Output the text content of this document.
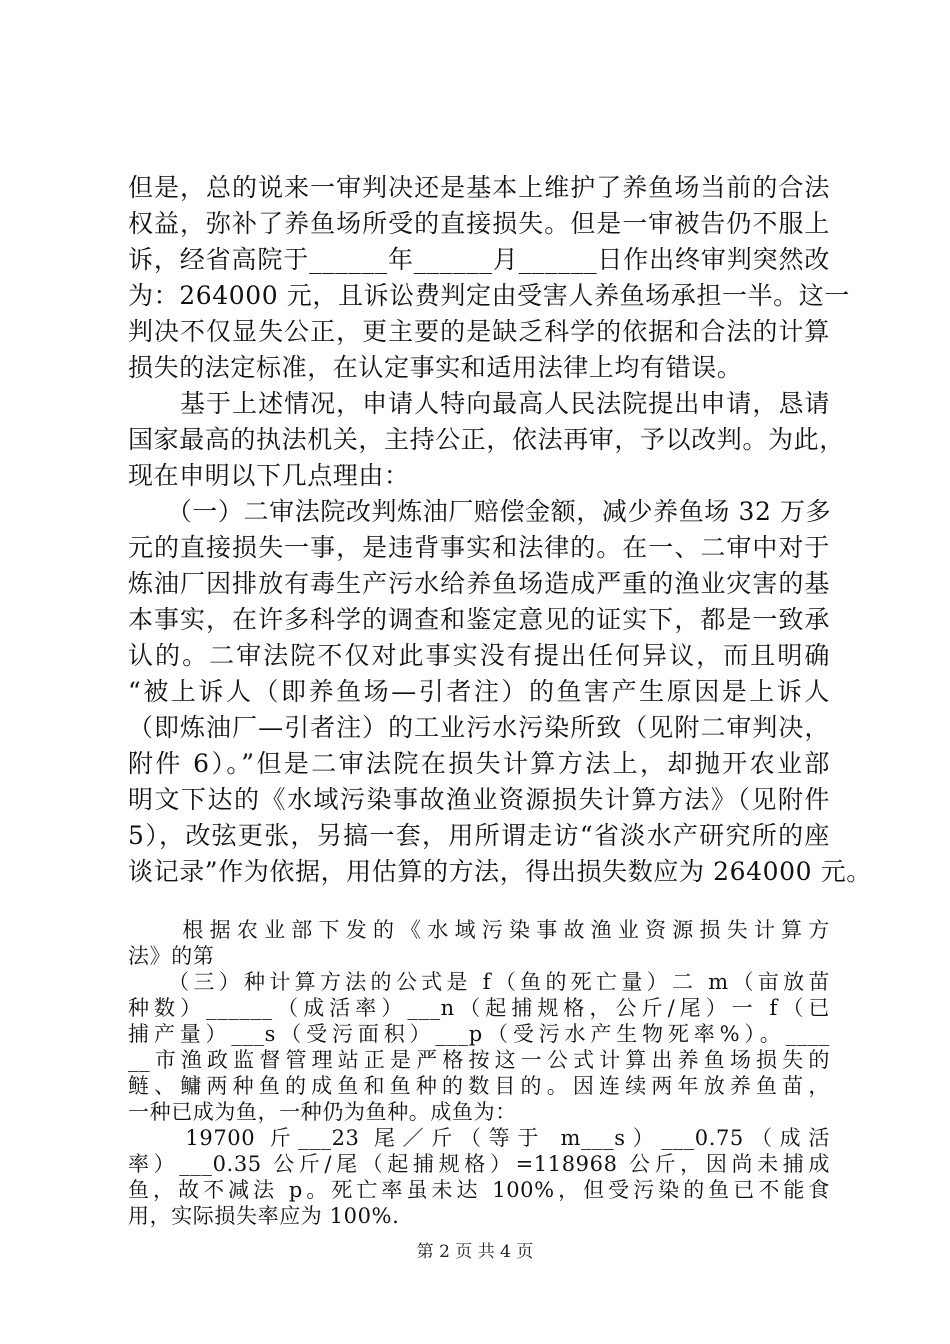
但是，总的说来一审判决还是基本上维护了养鱼场当前的合法
权益，弥补了养鱼场所受的直接损失。但是一审被告仍不服上
诉，经省高院于______年______月______日作出终审判突然改
为：264000 元，且诉讼费判定由受害人养鱼场承担一半。这一
判决不仅显失公正，更主要的是缺乏科学的依据和合法的计算
损失的法定标准，在认定事实和适用法律上均有错误。
　　基于上述情况，申请人特向最高人民法院提出申请，恳请
国家最高的执法机关，主持公正，依法再审，予以改判。为此，
现在申明以下几点理由：
　　（一）二审法院改判炼油厂赔偿金额，减少养鱼场 32 万多
元的直接损失一事，是违背事实和法律的。在一、二审中对于
炼油厂因排放有毒生产污水给养鱼场造成严重的渔业灾害的基
本事实，在许多科学的调查和鉴定意见的证实下，都是一致承
认的。二审法院不仅对此事实没有提出任何异议，而且明确
“被上诉人（即养鱼场—引者注）的鱼害产生原因是上诉人
（即炼油厂—引者注）的工业污水污染所致（见附二审判决，
附件 6）。”但是二审法院在损失计算方法上，却抛开农业部
明文下达的《水域污染事故渔业资源损失计算方法》（见附件
5），改弦更张，另搞一套，用所谓走访“省淡水产研究所的座
谈记录”作为依据，用估算的方法，得出损失数应为 264000 元。
　　根据农业部下发的《水域污染事故渔业资源损失计算方
法》的第
　　（三）种计算方法的公式是 f（鱼的死亡量）二 m（亩放苗
种数）______（成活率）___n（起捕规格，公斤/尾）一 f（已
捕产量）___s（受污面积）___p（受污水产生物死率%）。____
__市渔政监督管理站正是严格按这一公式计算出养鱼场损失的
鲢、鳙两种鱼的成鱼和鱼种的数目的。因连续两年放养鱼苗，
一种已成为鱼，一种仍为鱼种。成鱼为：
第 2 页 共 4 页
　　19700 斤___23 尾／斤（等于 m___s）___0.75（成活
率）___0.35 公斤/尾（起捕规格）=118968 公斤，因尚未捕成
鱼，故不减法 p。死亡率虽未达 100%，但受污染的鱼已不能食
用，实际损失率应为 100%.
